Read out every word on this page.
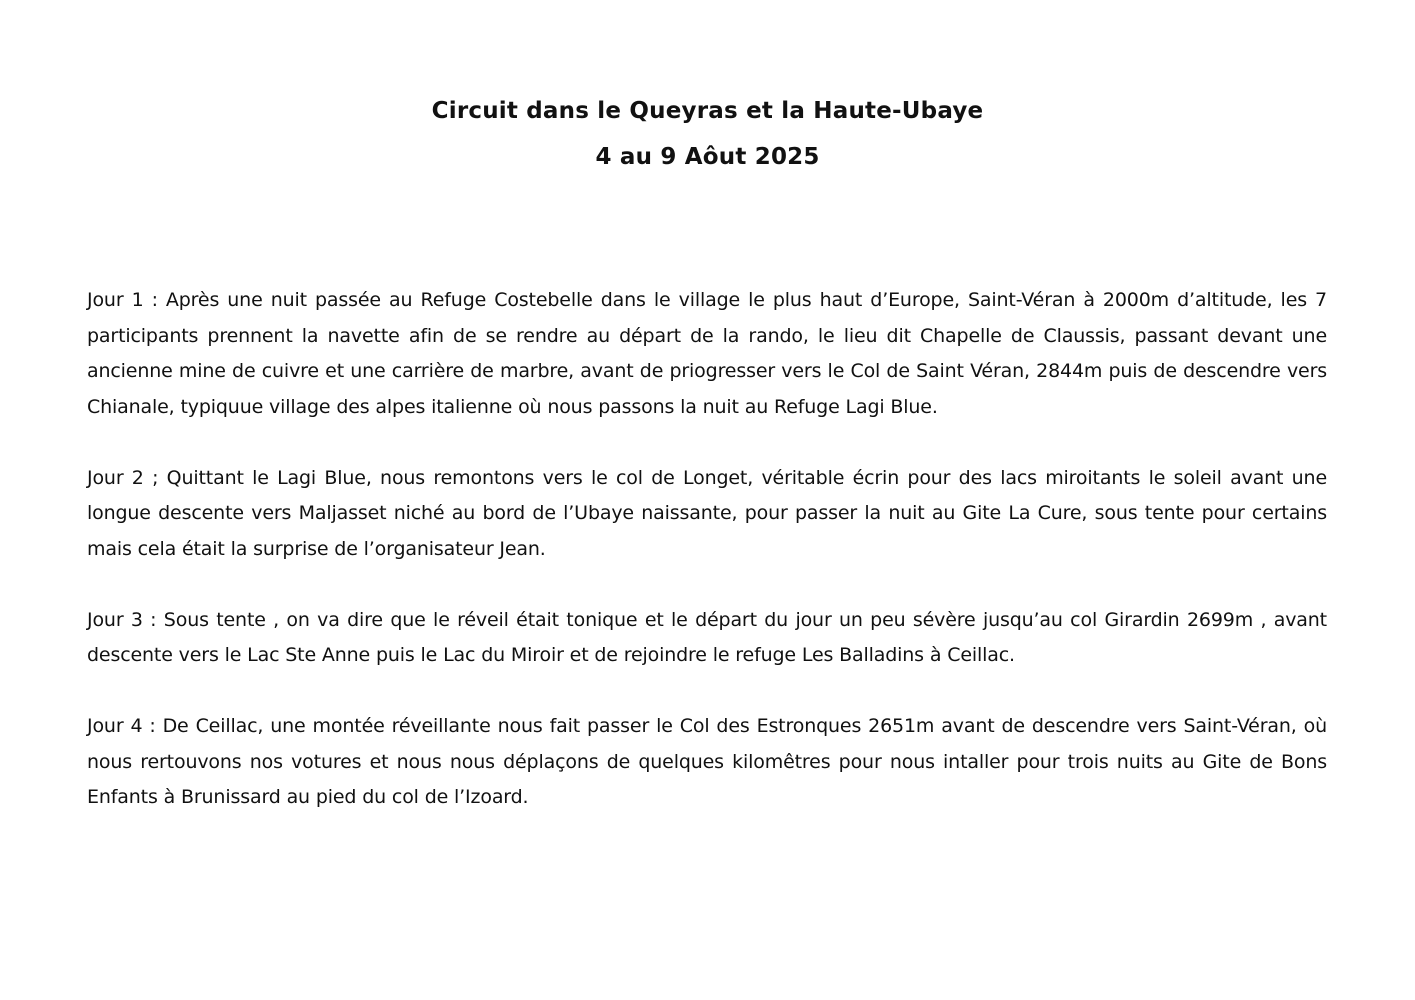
Circuit dans le Queyras et la Haute-Ubaye
4 au 9 Aôut 2025

Jour 1 : Après une nuit passée au Refuge Costebelle dans le village le plus haut d’Europe, Saint-Véran à 2000m d’altitude, les 7 participants prennent la navette afin de se rendre au départ de la rando, le lieu dit Chapelle de Claussis, passant devant une ancienne mine de cuivre et une carrière de marbre, avant de priogresser vers le Col de Saint Véran, 2844m puis de descendre vers Chianale, typiquue village des alpes italienne où nous passons la nuit au Refuge Lagi Blue.

Jour 2 ; Quittant le Lagi Blue, nous remontons vers le col de Longet, véritable écrin pour des lacs miroitants le soleil avant une longue descente vers Maljasset niché au bord de l’Ubaye naissante, pour passer la nuit au Gite La Cure, sous tente pour certains mais cela était la surprise de l’organisateur Jean.

Jour 3 : Sous tente , on va dire que le réveil était tonique et le départ du jour un peu sévère jusqu’au col Girardin 2699m , avant descente vers le Lac Ste Anne puis le Lac du Miroir et de rejoindre le refuge Les Balladins à Ceillac.

Jour 4 : De Ceillac, une montée réveillante nous fait passer le Col des Estronques 2651m avant de descendre vers Saint-Véran, où nous rertouvons nos votures et nous nous déplaçons de quelques kilomêtres pour nous intaller pour trois nuits au Gite de Bons Enfants à Brunissard au pied du col de l’Izoard.
